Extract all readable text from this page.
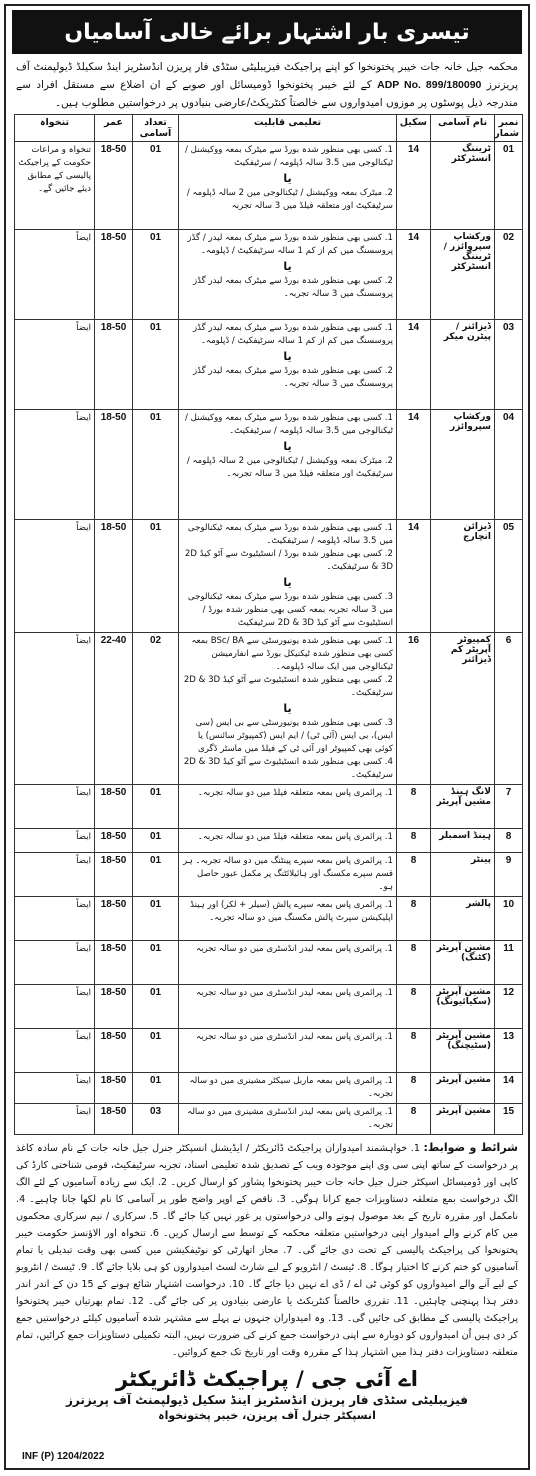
تیسری بار اشتہار برائے خالی آسامیاں
محکمہ جیل خانہ جات خیبر پختونخوا کو اپنے پراجیکٹ فیزیبلیٹی سٹڈی فار پریزن انڈسٹریز اینڈ سکیلڈ ڈیولپمنٹ آف پریزنرز ADP No. 899/180090 کے لئے خیبر پختونخوا ڈومیسائل اور صوبے کے ان اضلاع سے مستقل افراد سے مندرجہ ذیل پوسٹوں پر موزوں امیدواروں سے خالصتاً کنٹریکٹ/عارضی بنیادوں پر درخواستیں مطلوب ہیں۔
نمبر شمار	نام آسامی	سکیل	تعلیمی قابلیت	تعداد آسامی	عمر	تنخواہ
01	ٹریننگ انسٹرکٹر	14	1. کسی بھی منظور شدہ بورڈ سے میٹرک بمعہ ووکیشنل / ٹیکنالوجی میں 3.5 سالہ ڈپلومہ / سرٹیفکیٹ
یا
2. میٹرک بمعہ ووکیشنل / ٹیکنالوجی میں 2 سالہ ڈپلومہ / سرٹیفکیٹ اور متعلقہ فیلڈ میں 3 سالہ تجربہ	01	18-50	تنخواہ و مراعات حکومت کے پراجیکٹ پالیسی کے مطابق دیئے جائیں گے۔
02	ورکشاپ سپروائزر / ٹریننگ انسٹرکٹر	14	1. کسی بھی منظور شدہ بورڈ سے میٹرک بمعہ لیدر / گڈز پروسسنگ میں کم از کم 1 سالہ سرٹیفکیٹ / ڈپلومہ۔
یا
2. کسی بھی منظور شدہ بورڈ سے میٹرک بمعہ لیدر گڈز پروسسنگ میں 3 سالہ تجربہ۔	01	18-50	ایضاً
03	ڈیزائنر / پیٹرن میکر	14	1. کسی بھی منظور شدہ بورڈ سے میٹرک بمعہ لیدر گڈز پروسسنگ میں کم از کم 1 سالہ سرٹیفکیٹ / ڈپلومہ۔
یا
2. کسی بھی منظور شدہ بورڈ سے میٹرک بمعہ لیدر گڈز پروسسنگ میں 3 سالہ تجربہ۔	01	18-50	ایضاً
04	ورکشاپ سپروائزر	14	1. کسی بھی منظور شدہ بورڈ سے میٹرک بمعہ ووکیشنل / ٹیکنالوجی میں 3.5 سالہ ڈپلومہ / سرٹیفکیٹ۔
یا
2. میٹرک بمعہ ووکیشنل / ٹیکنالوجی میں 2 سالہ ڈپلومہ / سرٹیفکیٹ اور متعلقہ فیلڈ میں 3 سالہ تجربہ۔	01	18-50	ایضاً
05	ڈیزائن انچارج	14	1. کسی بھی منظور شدہ بورڈ سے میٹرک بمعہ ٹیکنالوجی میں 3.5 سالہ ڈپلومہ / سرٹیفکیٹ۔
2. کسی بھی منظور شدہ بورڈ / انسٹیٹیوٹ سے آٹو کیڈ 2D & 3D سرٹیفکیٹ۔
یا
3. کسی بھی منظور شدہ بورڈ سے میٹرک بمعہ ٹیکنالوجی میں 3 سالہ تجربہ بمعہ کسی بھی منظور شدہ بورڈ / انسٹیٹیوٹ سے آٹو کیڈ 2D & 3D سرٹیفکیٹ	01	18-50	ایضاً
6	کمپیوٹر آپریٹر کم ڈیزائنر	16	1. کسی بھی منظور شدہ یونیورسٹی سے BSc/ BA بمعہ کسی بھی منظور شدہ ٹیکنیکل بورڈ سے انفارمیشن ٹیکنالوجی میں ایک سالہ ڈپلومہ۔
2. کسی بھی منظور شدہ انسٹیٹیوٹ سے آٹو کیڈ 2D & 3D سرٹیفکیٹ۔
یا
3. کسی بھی منظور شدہ یونیورسٹی سے بی ایس (سی ایس)، بی ایس (آئی ٹی) / ایم ایس (کمپیوٹر سائنس) یا کوئی بھی کمپیوٹر اور آئی ٹی کے فیلڈ میں ماسٹر ڈگری
4. کسی بھی منظور شدہ انسٹیٹیوٹ سے آٹو کیڈ 2D & 3D سرٹیفکیٹ۔	02	22-40	ایضاً
7	لانگ ہینڈ مشین آپریٹر	8	1. پرائمری پاس بمعہ متعلقہ فیلڈ میں دو سالہ تجربہ۔	01	18-50	ایضاً
8	ہینڈ اسمبلر	8	1. پرائمری پاس بمعہ متعلقہ فیلڈ میں دو سالہ تجربہ۔	01	18-50	ایضاً
9	پینٹر	8	1. پرائمری پاس بمعہ سپرے پینٹنگ میں دو سالہ تجربہ۔ ہر قسم سپرے مکسنگ اور ہائیلائٹنگ پر مکمل عبور حاصل ہو۔	01	18-50	ایضاً
10	پالشر	8	1. پرائمری پاس بمعہ سپرے پالش (سیلر + لکر) اور ہینڈ اپلیکیشن سپرٹ پالش مکسنگ میں دو سالہ تجربہ۔	01	18-50	ایضاً
11	مشین آپریٹر (کٹنگ)	8	1. پرائمری پاس بمعہ لیدر انڈسٹری میں دو سالہ تجربہ	01	18-50	ایضاً
12	مشین آپریٹر (سکیائیونگ)	8	1. پرائمری پاس بمعہ لیدر انڈسٹری میں دو سالہ تجربہ	01	18-50	ایضاً
13	مشین آپریٹر (سٹیچنگ)	8	1. پرائمری پاس بمعہ لیدر انڈسٹری میں دو سالہ تجربہ	01	18-50	ایضاً
14	مشین آپریٹر	8	1. پرائمری پاس بمعہ ماربل سیکٹر مشینری میں دو سالہ تجربہ۔	01	18-50	ایضاً
15	مشین آپریٹر	8	1. پرائمری پاس بمعہ لیدر انڈسٹری مشینری میں دو سالہ تجربہ۔	03	18-50	ایضاً
شرائط و ضوابط: 1. خواہشمند امیدواران پراجیکٹ ڈائریکٹر / ایڈیشنل انسپکٹر جنرل جیل خانہ جات کے نام سادہ کاغذ پر درخواست کے ساتھ اپنی سی وی اپنے موجودہ ویب کے تصدیق شدہ تعلیمی اسناد، تجربہ سرٹیفکیٹ، قومی شناختی کارڈ کی کاپی اور ڈومیسائل اسپکٹر جنرل جیل خانہ جات خیبر پختونخوا پشاور کو ارسال کریں۔ 2. ایک سے زیادہ آسامیوں کے لئے الگ الگ درخواست بمع متعلقہ دستاویزات جمع کرانا ہوگی۔ 3. ناقص کے اوپر واضح طور پر آسامی کا نام لکھا جانا چاہیے۔ 4. نامکمل اور مقررہ تاریخ کے بعد موصول ہونے والی درخواستوں پر غور نہیں کیا جائے گا۔ 5. سرکاری / نیم سرکاری محکموں میں کام کرنے والے امیدوار اپنی درخواستیں متعلقہ محکمہ کے توسط سے ارسال کریں۔ 6. تنخواہ اور الاؤنسز حکومت خیبر پختونخوا کی پراجیکٹ پالیسی کے تحت دی جائے گی۔ 7. مجاز اتھارٹی کو نوٹیفکیشن میں کسی بھی وقت تبدیلی یا تمام آسامیوں کو ختم کرنے کا اختیار ہوگا۔ 8. ٹیسٹ / انٹرویو کے لیے شارٹ لسٹ امیدواروں کو ہی بلایا جائے گا۔ 9. ٹیسٹ / انٹرویو کے لیے آنے والے امیدواروں کو کوئی ٹی اے / ڈی اے نہیں دیا جائے گا۔ 10. درخواست اشتہار شائع ہونے کے 15 دن کے اندر اندر دفتر ہذا پہنچنی چاہئیں۔ 11. تقرری خالصتاً کنٹریکٹ یا عارضی بنیادوں پر کی جائے گی۔ 12. تمام بھرتیاں خیبر پختونخوا پراجیکٹ پالیسی کے مطابق کی جائیں گی۔ 13. وہ امیدواران جنہوں نے پہلے سے مشتہر شدہ آسامیوں کیلئے درخواستیں جمع کر دی ہیں اُن امیدواروں کو دوبارہ سے اپنی درخواست جمع کرنے کی ضرورت نہیں، البتہ تکمیلی دستاویزات جمع کرائیں، تمام متعلقہ دستاویزات دفتر ہذا میں اشتہار ہذا کے مقررہ وقت اور تاریخ تک جمع کروائیں۔
اے آئی جی / پراجیکٹ ڈائریکٹر
فیزیبلیٹی سٹڈی فار پریزن انڈسٹریز اینڈ سکیل ڈیولپمنٹ آف پریزنرز
انسپکٹر جنرل آف پریزن، خیبر پختونخواہ
INF (P) 1204/2022
